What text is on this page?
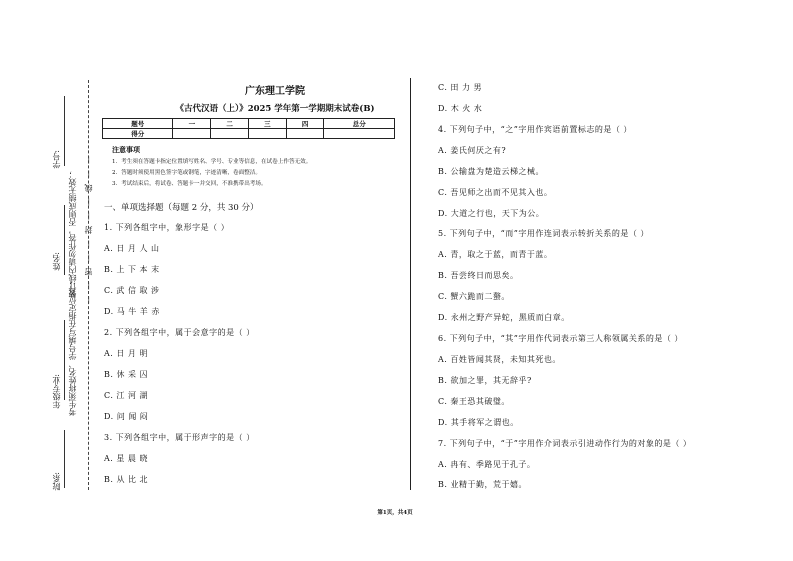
学号:
姓名:
年级专业:
院系:
装订线内请勿作答，否则成绩无效；
考生须将姓名、学号填写在指定位置；
——密——封——线——
广东理工学院
《古代汉语（上）》2025 学年第一学期期末试卷(B)
题号	一	二	三	四	总分
得分					
注意事项
1．考生须在答题卡指定位置填写姓名、学号、专业等信息，在试卷上作答无效。
2．答题时须使用黑色签字笔或钢笔，字迹清晰，卷面整洁。
3．考试结束后，将试卷、答题卡一并交回，不准携带出考场。
一、单项选择题（每题 2 分，共 30 分）
1. 下列各组字中，象形字是（ ）
A. 日 月 人 山
B. 上 下 本 末
C. 武 信 取 涉
D. 马 牛 羊 赤
2. 下列各组字中，属于会意字的是（ ）
A. 日 月 明
B. 休 采 囚
C. 江 河 湖
D. 问 闻 闷
3. 下列各组字中，属于形声字的是（ ）
A. 星 晨 晓
B. 从 比 北
C. 田 力 男
D. 木 火 水
4. 下列句子中，“之”字用作宾语前置标志的是（ ）
A. 姜氏何厌之有?
B. 公输盘为楚造云梯之械。
C. 吾见师之出而不见其入也。
D. 大道之行也，天下为公。
5. 下列句子中，“而”字用作连词表示转折关系的是（ ）
A. 青，取之于蓝，而青于蓝。
B. 吾尝终日而思矣。
C. 蟹六跪而二螯。
D. 永州之野产异蛇，黑质而白章。
6. 下列句子中，“其”字用作代词表示第三人称领属关系的是（ ）
A. 百姓皆闻其贤，未知其死也。
B. 欲加之罪，其无辞乎?
C. 秦王恐其破璧。
D. 其手将军之谓也。
7. 下列句子中，“于”字用作介词表示引进动作行为的对象的是（ ）
A. 冉有、季路见于孔子。
B. 业精于勤，荒于嬉。
第1页，共4页
